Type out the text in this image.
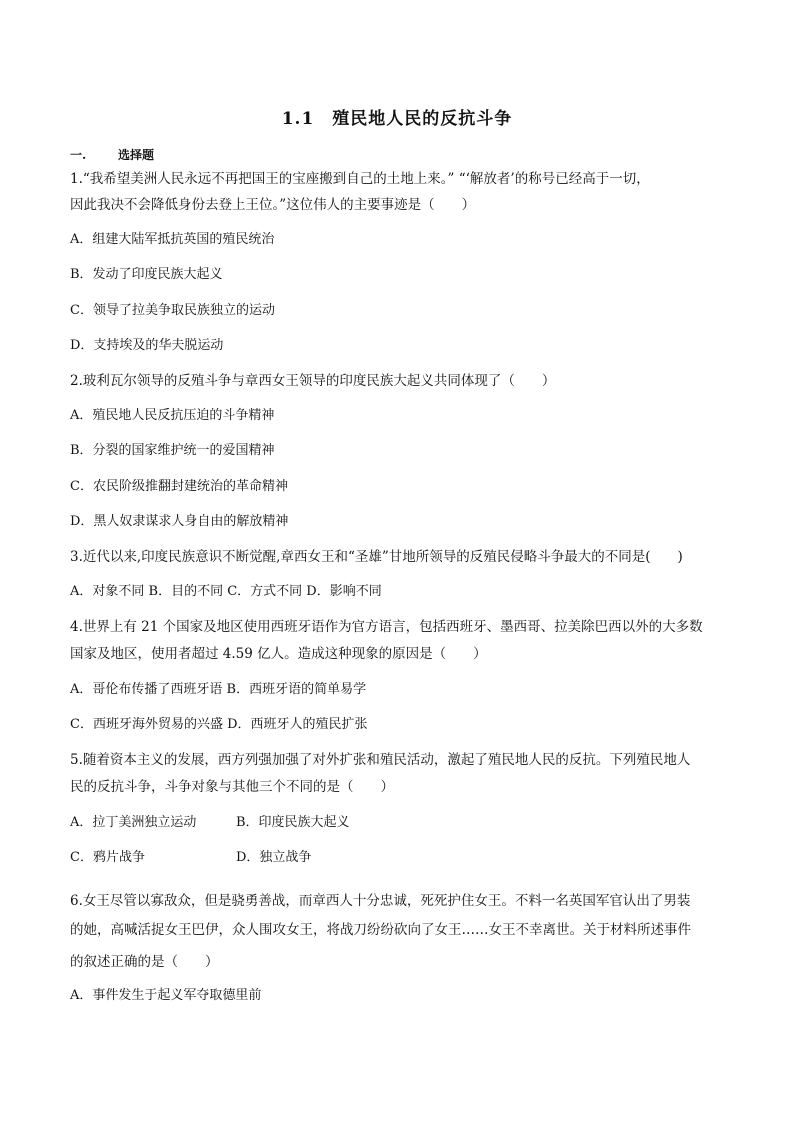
1.1　殖民地人民的反抗斗争
一.	选择题
1.“我希望美洲人民永远不再把国王的宝座搬到自己的土地上来。” “‘解放者’的称号已经高于一切，
因此我决不会降低身份去登上王位。”这位伟人的主要事迹是（　　）
A．组建大陆军抵抗英国的殖民统治
B．发动了印度民族大起义
C．领导了拉美争取民族独立的运动
D．支持埃及的华夫脱运动
2.玻利瓦尔领导的反殖斗争与章西女王领导的印度民族大起义共同体现了（　　）
A．殖民地人民反抗压迫的斗争精神
B．分裂的国家维护统一的爱国精神
C．农民阶级推翻封建统治的革命精神
D．黑人奴隶谋求人身自由的解放精神
3.近代以来,印度民族意识不断觉醒,章西女王和“圣雄”甘地所领导的反殖民侵略斗争最大的不同是(　　)
A．对象不同 B．目的不同 C．方式不同 D．影响不同
4.世界上有 21 个国家及地区使用西班牙语作为官方语言，包括西班牙、墨西哥、拉美除巴西以外的大多数
国家及地区，使用者超过 4.59 亿人。造成这种现象的原因是（　　）
A．哥伦布传播了西班牙语 B．西班牙语的简单易学
C．西班牙海外贸易的兴盛 D．西班牙人的殖民扩张
5.随着资本主义的发展，西方列强加强了对外扩张和殖民活动，激起了殖民地人民的反抗。下列殖民地人
民的反抗斗争，斗争对象与其他三个不同的是（　　）
A．拉丁美洲独立运动	B．印度民族大起义
C．鸦片战争	D．独立战争
6.女王尽管以寡敌众，但是骁勇善战，而章西人十分忠诚，死死护住女王。不料一名英国军官认出了男装
的她，高喊活捉女王巴伊，众人围攻女王，将战刀纷纷砍向了女王……女王不幸离世。关于材料所述事件
的叙述正确的是（　　）
A．事件发生于起义军夺取德里前
